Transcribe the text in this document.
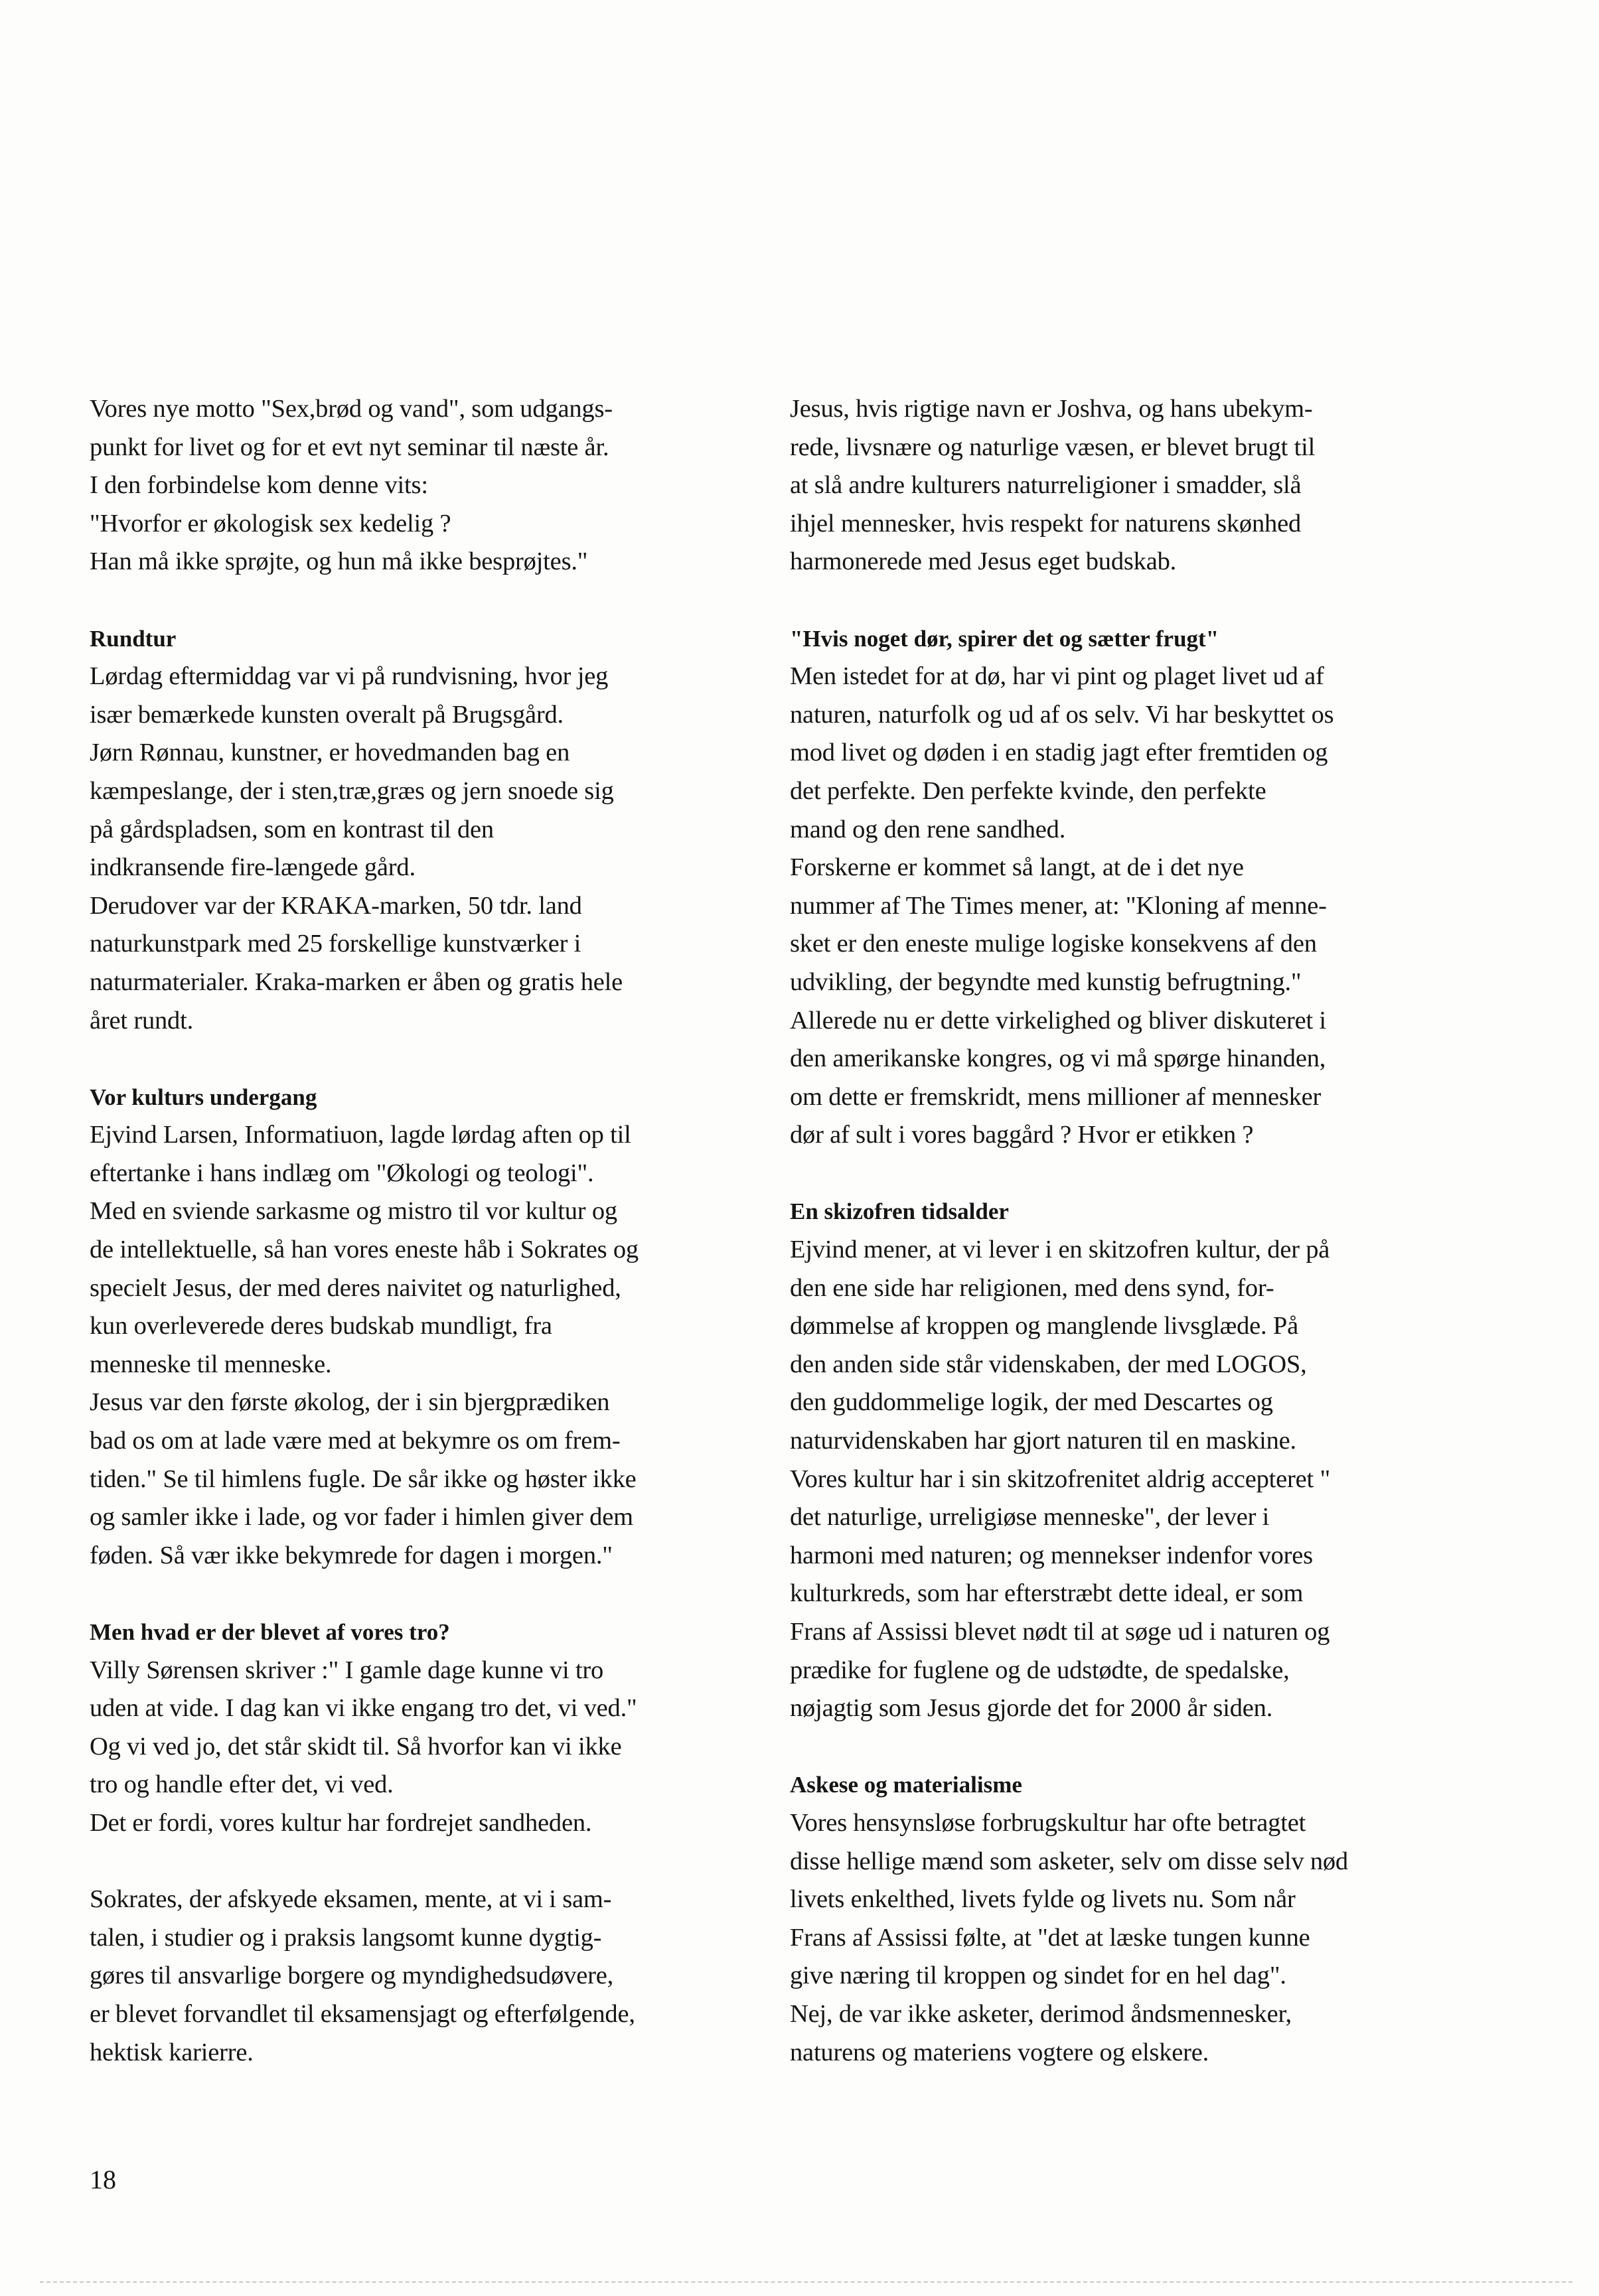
Vores nye motto "Sex,brød og vand", som udgangs-
punkt for livet og for et evt nyt seminar til næste år.
I den forbindelse kom denne vits:
"Hvorfor er økologisk sex kedelig ?
Han må ikke sprøjte, og hun må ikke besprøjtes."

Rundtur

Lørdag eftermiddag var vi på rundvisning, hvor jeg
især bemærkede kunsten overalt på Brugsgård.
Jørn Rønnau, kunstner, er hovedmanden bag en
kæmpeslange, der i sten,træ,græs og jern snoede sig
på gårdspladsen, som en kontrast til den
indkransende fire-længede gård.
Derudover var der KRAKA-marken, 50 tdr. land
naturkunstpark med 25 forskellige kunstværker i
naturmaterialer. Kraka-marken er åben og gratis hele
året rundt.

Vor kulturs undergang

Ejvind Larsen, Informatiuon, lagde lørdag aften op til
eftertanke i hans indlæg om "Økologi og teologi".
Med en sviende sarkasme og mistro til vor kultur og
de intellektuelle, så han vores eneste håb i Sokrates og
specielt Jesus, der med deres naivitet og naturlighed,
kun overleverede deres budskab mundligt, fra
menneske til menneske.
Jesus var den første økolog, der i sin bjergprædiken
bad os om at lade være med at bekymre os om frem-
tiden." Se til himlens fugle. De sår ikke og høster ikke
og samler ikke i lade, og vor fader i himlen giver dem
føden. Så vær ikke bekymrede for dagen i morgen."

Men hvad er der blevet af vores tro?

Villy Sørensen skriver :" I gamle dage kunne vi tro
uden at vide. I dag kan vi ikke engang tro det, vi ved."
Og vi ved jo, det står skidt til. Så hvorfor kan vi ikke
tro og handle efter det, vi ved.
Det er fordi, vores kultur har fordrejet sandheden.

Sokrates, der afskyede eksamen, mente, at vi i sam-
talen, i studier og i praksis langsomt kunne dygtig-
gøres til ansvarlige borgere og myndighedsudøvere,
er blevet forvandlet til eksamensjagt og efterfølgende,
hektisk karierre.

Jesus, hvis rigtige navn er Joshva, og hans ubekym-
rede, livsnære og naturlige væsen, er blevet brugt til
at slå andre kulturers naturreligioner i smadder, slå
ihjel mennesker, hvis respekt for naturens skønhed
harmonerede med Jesus eget budskab.

"Hvis noget dør, spirer det og sætter frugt"

Men istedet for at dø, har vi pint og plaget livet ud af
naturen, naturfolk og ud af os selv. Vi har beskyttet os
mod livet og døden i en stadig jagt efter fremtiden og
det perfekte. Den perfekte kvinde, den perfekte
mand og den rene sandhed.
Forskerne er kommet så langt, at de i det nye
nummer af The Times mener, at: "Kloning af menne-
sket er den eneste mulige logiske konsekvens af den
udvikling, der begyndte med kunstig befrugtning."
Allerede nu er dette virkelighed og bliver diskuteret i
den amerikanske kongres, og vi må spørge hinanden,
om dette er fremskridt, mens millioner af mennesker
dør af sult i vores baggård ? Hvor er etikken ?

En skizofren tidsalder

Ejvind mener, at vi lever i en skitzofren kultur, der på
den ene side har religionen, med dens synd, for-
dømmelse af kroppen og manglende livsglæde. På
den anden side står videnskaben, der med LOGOS,
den guddommelige logik, der med Descartes og
naturvidenskaben har gjort naturen til en maskine.
Vores kultur har i sin skitzofrenitet aldrig accepteret "
det naturlige, urreligiøse menneske", der lever i
harmoni med naturen; og mennekser indenfor vores
kulturkreds, som har efterstræbt dette ideal, er som
Frans af Assissi blevet nødt til at søge ud i naturen og
prædike for fuglene og de udstødte, de spedalske,
nøjagtig som Jesus gjorde det for 2000 år siden.

Askese og materialisme

Vores hensynsløse forbrugskultur har ofte betragtet
disse hellige mænd som asketer, selv om disse selv nød
livets enkelthed, livets fylde og livets nu. Som når
Frans af Assissi følte, at "det at læske tungen kunne
give næring til kroppen og sindet for en hel dag".
Nej, de var ikke asketer, derimod åndsmennesker,
naturens og materiens vogtere og elskere.

18
